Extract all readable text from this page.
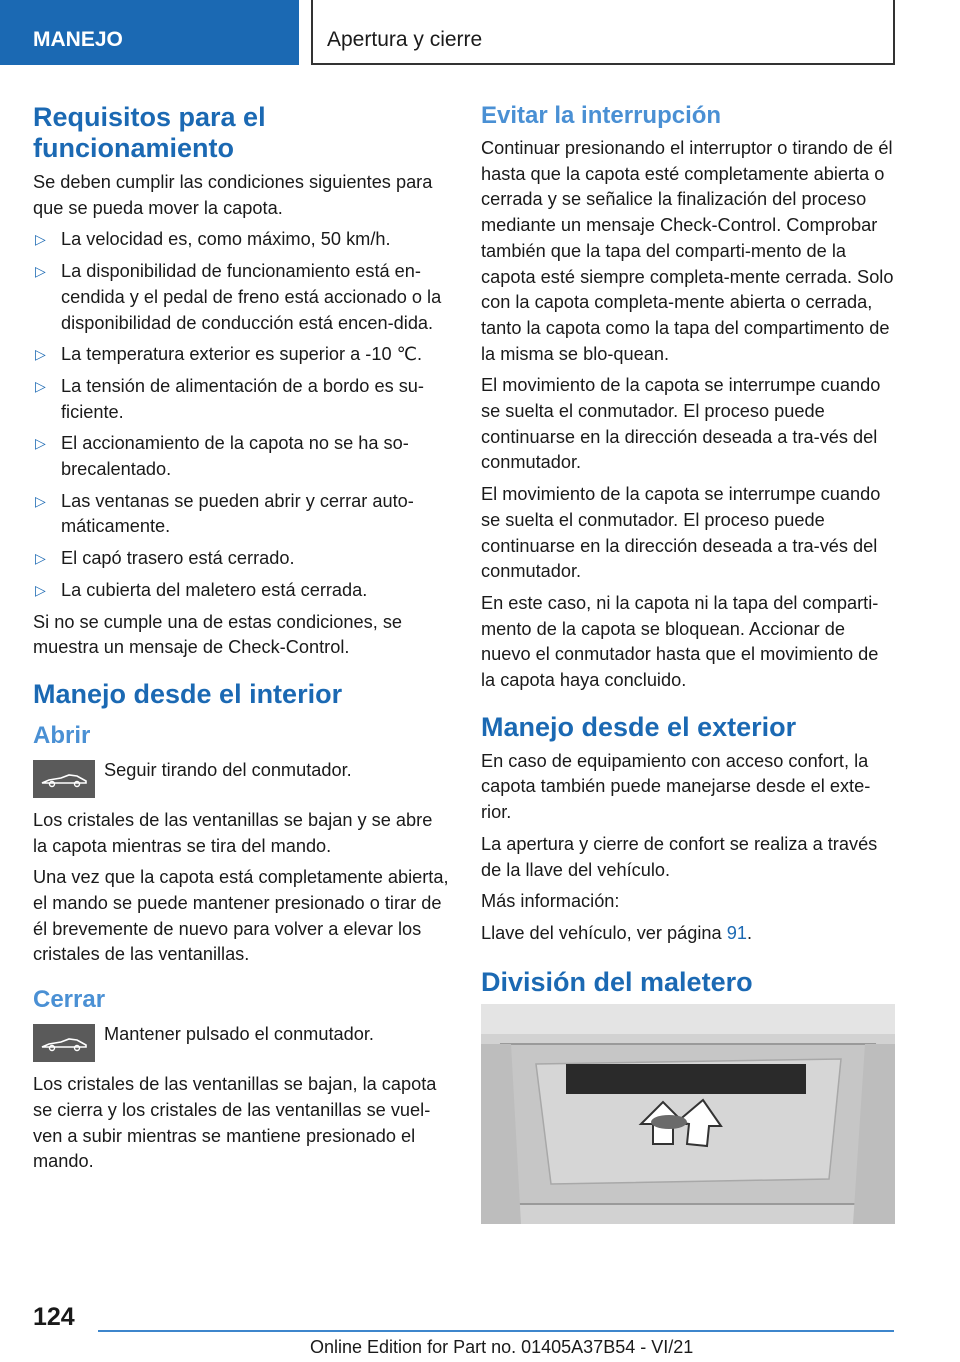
MANEJO	Apertura y cierre
Requisitos para el funcionamiento

Se deben cumplir las condiciones siguientes para que se pueda mover la capota.

▷ La velocidad es, como máximo, 50 km/h.
▷ La disponibilidad de funcionamiento está en‐cendida y el pedal de freno está accionado o la disponibilidad de conducción está encen‐dida.
▷ La temperatura exterior es superior a ‑10 ℃.
▷ La tensión de alimentación de a bordo es su‐ficiente.
▷ El accionamiento de la capota no se ha so‐brecalentado.
▷ Las ventanas se pueden abrir y cerrar auto‐máticamente.
▷ El capó trasero está cerrado.
▷ La cubierta del maletero está cerrada.

Si no se cumple una de estas condiciones, se muestra un mensaje de Check-Control.

Manejo desde el interior
Abrir

Seguir tirando del conmutador.

Los cristales de las ventanillas se bajan y se abre la capota mientras se tira del mando.

Una vez que la capota está completamente abierta, el mando se puede mantener presionado o tirar de él brevemente de nuevo para volver a elevar los cristales de las ventanillas.

Cerrar

Mantener pulsado el conmutador.

Los cristales de las ventanillas se bajan, la capota se cierra y los cristales de las ventanillas se vuel‐ven a subir mientras se mantiene presionado el mando.

Evitar la interrupción

Continuar presionando el interruptor o tirando de él hasta que la capota esté completamente abierta o cerrada y se señalice la finalización del proceso mediante un mensaje Check-Control. Comprobar también que la tapa del comparti‐mento de la capota esté siempre completa‐mente cerrada. Solo con la capota completa‐mente abierta o cerrada, tanto la capota como la tapa del compartimento de la misma se blo‐quean.

El movimiento de la capota se interrumpe cuando se suelta el conmutador. El proceso puede continuarse en la dirección deseada a tra‐vés del conmutador.

El movimiento de la capota se interrumpe cuando se suelta el conmutador. El proceso puede continuarse en la dirección deseada a tra‐vés del conmutador.

En este caso, ni la capota ni la tapa del comparti‐mento de la capota se bloquean. Accionar de nuevo el conmutador hasta que el movimiento de la capota haya concluido.

Manejo desde el exterior

En caso de equipamiento con acceso confort, la capota también puede manejarse desde el exte‐rior.

La apertura y cierre de confort se realiza a través de la llave del vehículo.

Más información:

Llave del vehículo, ver página 91.

División del maletero
124
Online Edition for Part no. 01405A37B54 - VI/21
